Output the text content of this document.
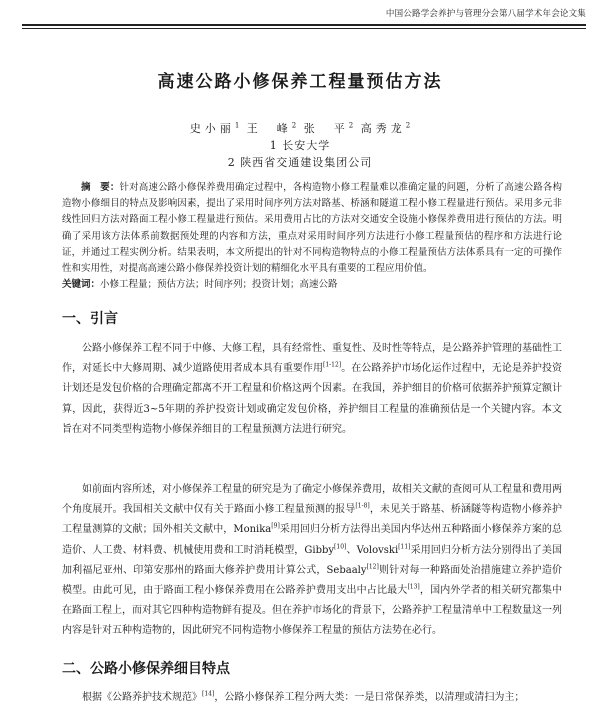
中国公路学会养护与管理分会第八届学术年会论文集
高速公路小修保养工程量预估方法
史小丽$^1$ 王　峰$^2$ 张　平$^2$ 高秀龙$^2$
1 长安大学
2 陕西省交通建设集团公司
摘　要：针对高速公路小修保养费用确定过程中，各构造物小修工程量难以准确定量的问题，分析了高速公路各构造物小修细目的特点及影响因素，提出了采用时间序列方法对路基、桥涵和隧道工程小修工程量进行预估。采用多元非线性回归方法对路面工程小修工程量进行预估。采用费用占比的方法对交通安全设施小修保养费用进行预估的方法。明确了采用该方法体系前数据预处理的内容和方法，重点对采用时间序列方法进行小修工程量预估的程序和方法进行论证，并通过工程实例分析。结果表明，本文所提出的针对不同构造物特点的小修工程量预估方法体系具有一定的可操作性和实用性，对提高高速公路小修保养投资计划的精细化水平具有重要的工程应用价值。
关键词：小修工程量；预估方法；时间序列；投资计划；高速公路
一、引言
公路小修保养工程不同于中修、大修工程，具有经常性、重复性、及时性等特点，是公路养护管理的基础性工作，对延长中大修周期、减少道路使用者成本具有重要作用[1-12]。在公路养护市场化运作过程中，无论是养护投资计划还是发包价格的合理确定都离不开工程量和价格这两个因素。在我国，养护细目的价格可依据养护预算定额计算，因此，获得近3~5年期的养护投资计划或确定发包价格，养护细目工程量的准确预估是一个关键内容。本文旨在对不同类型构造物小修保养细目的工程量预测方法进行研究。
如前面内容所述，对小修保养工程量的研究是为了确定小修保养费用，故相关文献的查阅可从工程量和费用两个角度展开。我国相关文献中仅有关于路面小修工程量预测的报导[1-8]，未见关于路基、桥涵隧等构造物小修养护工程量测算的文献；国外相关文献中，Monika[9]采用回归分析方法得出美国内华达州五种路面小修保养方案的总造价、人工费、材料费、机械使用费和工时消耗模型，Gibby[10]、Volovski[11]采用回归分析方法分别得出了美国加利福尼亚州、印第安那州的路面大修养护费用计算公式，Sebaaly[12]则针对每一种路面处治措施建立养护造价模型。由此可见，由于路面工程小修保养费用在公路养护费用支出中占比最大[13]，国内外学者的相关研究都集中在路面工程上，而对其它四种构造物鲜有提及。但在养护市场化的背景下，公路养护工程量清单中工程数量这一列内容是针对五种构造物的，因此研究不同构造物小修保养工程量的预估方法势在必行。
二、公路小修保养细目特点
根据《公路养护技术规范》[14]，公路小修保养工程分两大类：一是日常保养类，以清理或清扫为主；
